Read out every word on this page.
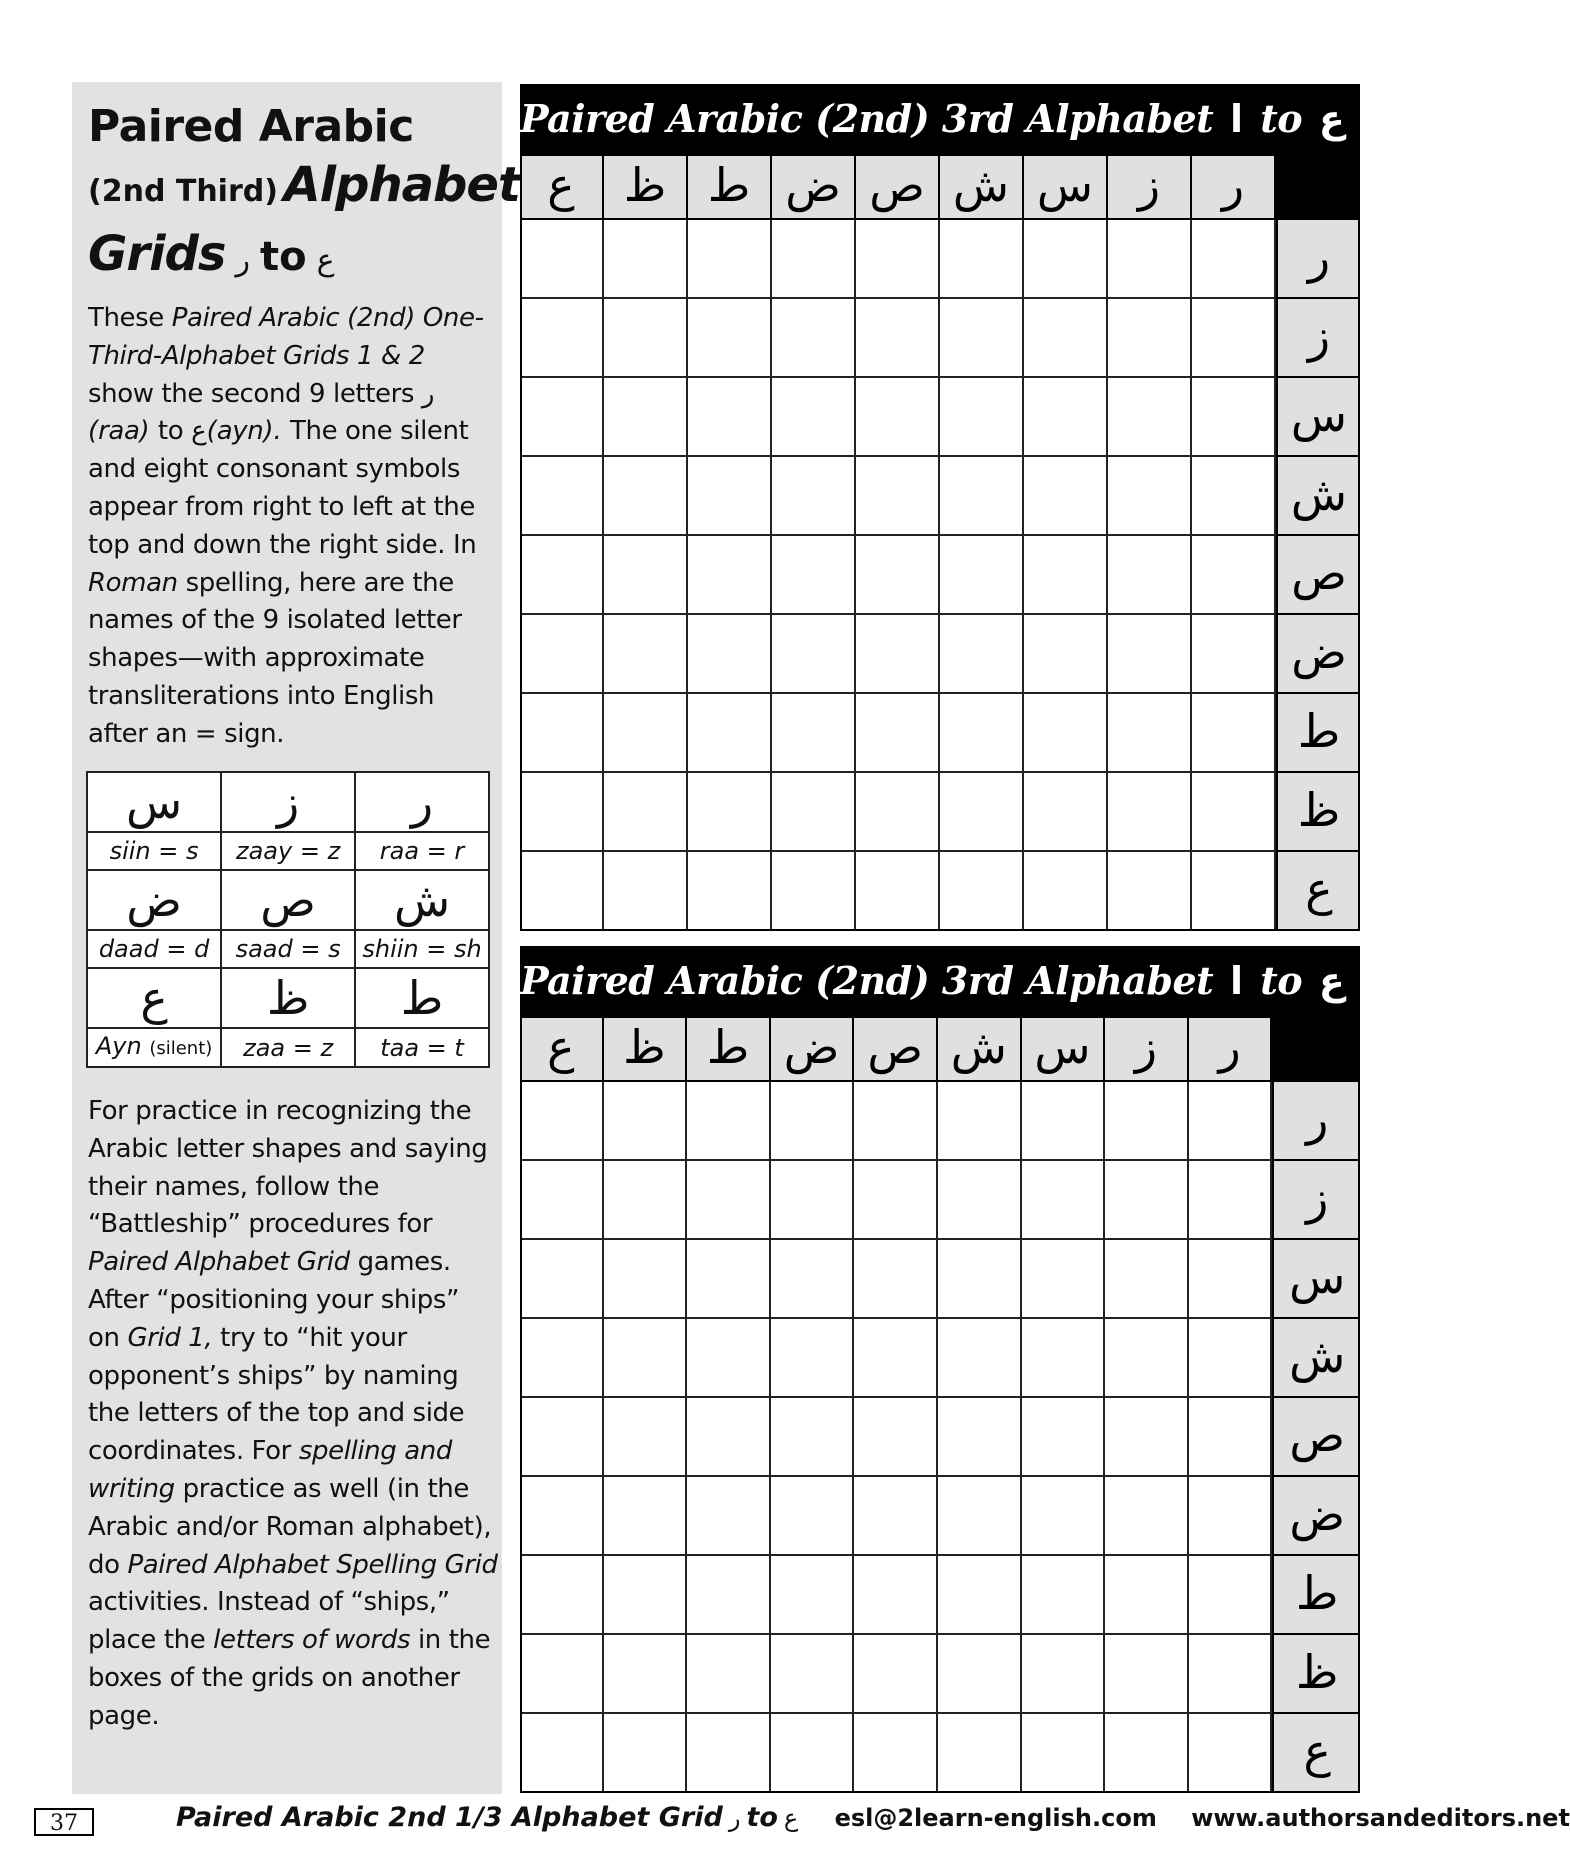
Paired Arabic
(2nd Third) Alphabet
Grids ر to ع

These Paired Arabic (2nd) One-Third-Alphabet Grids 1 & 2 show the second 9 letters ر (raa) to ع(ayn). The one silent and eight consonant symbols appear from right to left at the top and down the right side. In Roman spelling, here are the names of the 9 isolated letter shapes—with approximate transliterations into English after an = sign.

س	ز	ر
siin = s	zaay = z	raa = r
ض	ص	ش
daad = d	saad = s	shiin = sh
ع	ظ	ط
Ayn (silent)	zaa = z	taa = t

For practice in recognizing the Arabic letter shapes and saying their names, follow the “Battleship” procedures for Paired Alphabet Grid games. After “positioning your ships” on Grid 1, try to “hit your opponent’s ships” by naming the letters of the top and side coordinates. For spelling and writing practice as well (in the Arabic and/or Roman alphabet), do Paired Alphabet Spelling Grid activities. Instead of “ships,” place the letters of words in the boxes of the grids on another page.

Paired Arabic (2nd) 3rd Alphabet ا to ع Grid 1
ع	ظ ط ض ص ش س ز	ر
ر
ز
س
ش
ص
ض
ط
ظ
ع
Paired Arabic (2nd) 3rd Alphabet ا to ع Grid 2
ع	ظ ط ض ص ش س ز	ر
ر
ز
س
ش
ص
ض
ط
ظ
ع
37	Paired Arabic 2nd 1/3 Alphabet Grid ر to ع esl@2learn-english.com www.authorsandeditors.net
